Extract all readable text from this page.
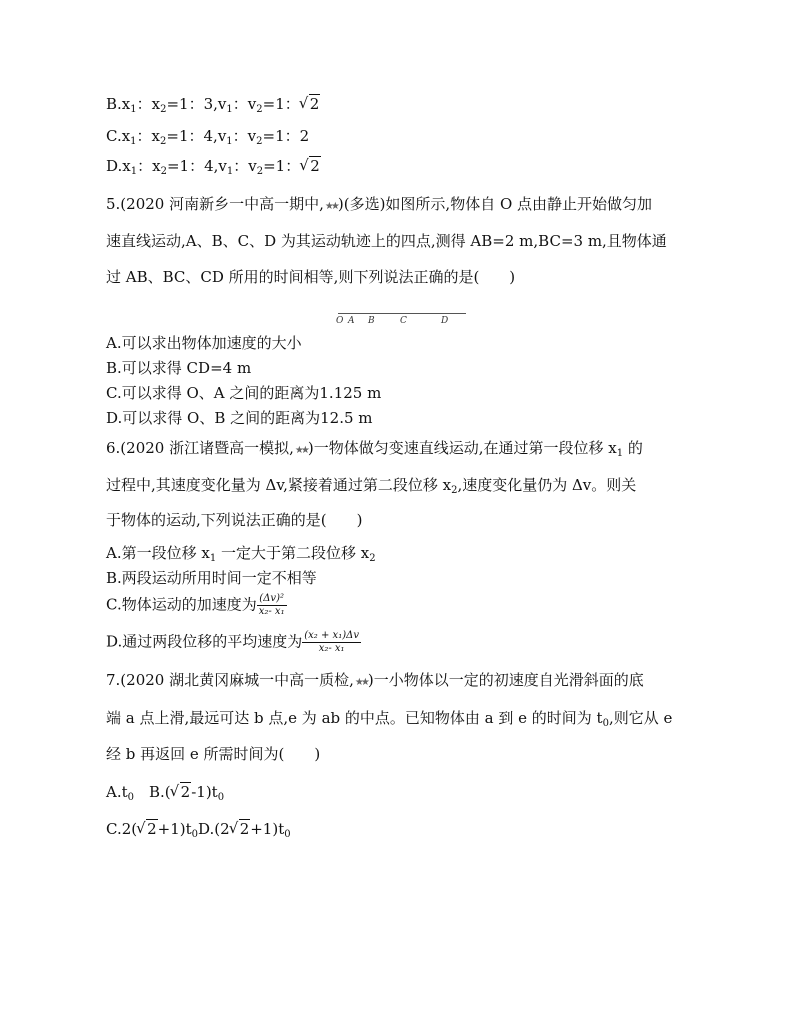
$B.x_1$：$x_2=1$：$3,v_1$：$v_2=1$：√ 2
$C.x_1$：$x_2=1$：$4,v_1$：$v_2=1$：2
$D.x_1$：$x_2=1$：$4,v_1$：$v_2=1$：√ 2
5.(2020 河南新乡一中高一期中,★★)(多选)如图所示,物体自 O 点由静止开始做匀加
速直线运动,A、B、C、D 为其运动轨迹上的四点,测得 AB=2 m,BC=3 m,且物体通
过 AB、BC、CD 所用的时间相等,则下列说法正确的是(　　)
O A B	C	D
A.可以求出物体加速度的大小
B.可以求得 CD=4 m
C.可以求得 O、A 之间的距离为1.125 m
D.可以求得 O、B 之间的距离为12.5 m
6.(2020 浙江诸暨高一模拟,★★)一物体做匀变速直线运动,在通过第一段位移 $x_1$ 的
过程中,其速度变化量为 Δv,紧接着通过第二段位移 $x_2$,速度变化量仍为 Δv。则关
于物体的运动,下列说法正确的是(　　)
A.第一段位移 $x_1$ 一定大于第二段位移 $x_2$
B.两段运动所用时间一定不相等
C.物体运动的加速度为 $\frac{\text{(Δv)²}}{\text{x₂- x₁}}$
D.通过两段位移的平均速度为 $\frac{\text{(x₂ + x₁)Δv}}{\text{x₂- x₁}}$
7.(2020 湖北黄冈麻城一中高一质检,★★)一小物体以一定的初速度自光滑斜面的底
端 a 点上滑,最远可达 b 点,e 为 ab 的中点。已知物体由 a 到 e 的时间为 $t_0$,则它从 e
经 b 再返回 e 所需时间为(　　)
$A.t_0$　B.(√ $2-1)t_0$
C.2(√ $2+1)t_0D.(2√$ $2+1)t_0$
